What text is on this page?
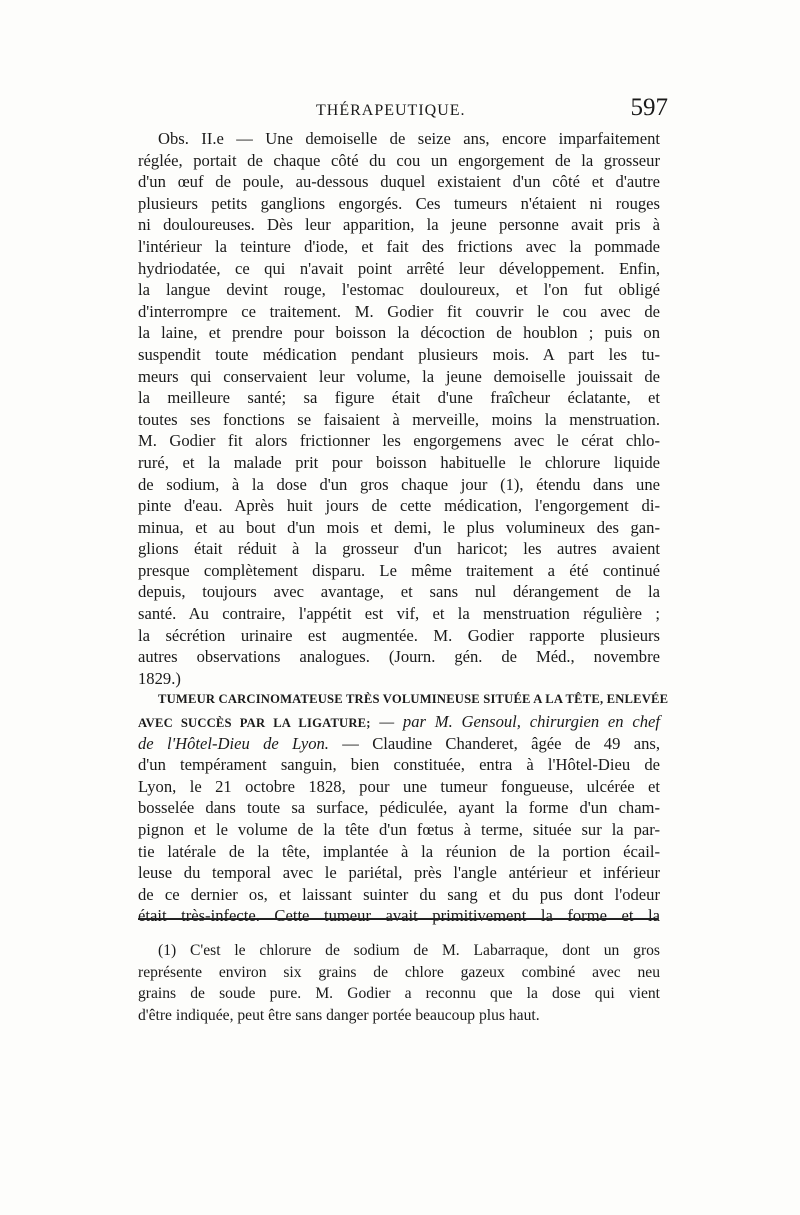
THÉRAPEUTIQUE.	597
Obs. II.e — Une demoiselle de seize ans, encore imparfaitement
réglée, portait de chaque côté du cou un engorgement de la grosseur
d'un œuf de poule, au-dessous duquel existaient d'un côté et d'autre
plusieurs petits ganglions engorgés. Ces tumeurs n'étaient ni rouges
ni douloureuses. Dès leur apparition, la jeune personne avait pris à
l'intérieur la teinture d'iode, et fait des frictions avec la pommade
hydriodatée, ce qui n'avait point arrêté leur développement. Enfin,
la langue devint rouge, l'estomac douloureux, et l'on fut obligé
d'interrompre ce traitement. M. Godier fit couvrir le cou avec de
la laine, et prendre pour boisson la décoction de houblon ; puis on
suspendit toute médication pendant plusieurs mois. A part les tu-
meurs qui conservaient leur volume, la jeune demoiselle jouissait de
la meilleure santé; sa figure était d'une fraîcheur éclatante, et
toutes ses fonctions se faisaient à merveille, moins la menstruation.
M. Godier fit alors frictionner les engorgemens avec le cérat chlo-
ruré, et la malade prit pour boisson habituelle le chlorure liquide
de sodium, à la dose d'un gros chaque jour (1), étendu dans une
pinte d'eau. Après huit jours de cette médication, l'engorgement di-
minua, et au bout d'un mois et demi, le plus volumineux des gan-
glions était réduit à la grosseur d'un haricot; les autres avaient
presque complètement disparu. Le même traitement a été continué
depuis, toujours avec avantage, et sans nul dérangement de la
santé. Au contraire, l'appétit est vif, et la menstruation régulière ;
la sécrétion urinaire est augmentée. M. Godier rapporte plusieurs
autres observations analogues. (Journ. gén. de Méd., novembre
1829.)
TUMEUR CARCINOMATEUSE TRÈS VOLUMINEUSE SITUÉE A LA TÊTE, ENLEVÉE
AVEC SUCCÈS PAR LA LIGATURE; — par M. Gensoul, chirurgien en chef
de l'Hôtel-Dieu de Lyon. — Claudine Chanderet, âgée de 49 ans,
d'un tempérament sanguin, bien constituée, entra à l'Hôtel-Dieu de
Lyon, le 21 octobre 1828, pour une tumeur fongueuse, ulcérée et
bosselée dans toute sa surface, pédiculée, ayant la forme d'un cham-
pignon et le volume de la tête d'un fœtus à terme, située sur la par-
tie latérale de la tête, implantée à la réunion de la portion écail-
leuse du temporal avec le pariétal, près l'angle antérieur et inférieur
de ce dernier os, et laissant suinter du sang et du pus dont l'odeur
était très-infecte. Cette tumeur avait primitivement la forme et la
(1) C'est le chlorure de sodium de M. Labarraque, dont un gros
représente environ six grains de chlore gazeux combiné avec neu
grains de soude pure. M. Godier a reconnu que la dose qui vient
d'être indiquée, peut être sans danger portée beaucoup plus haut.
